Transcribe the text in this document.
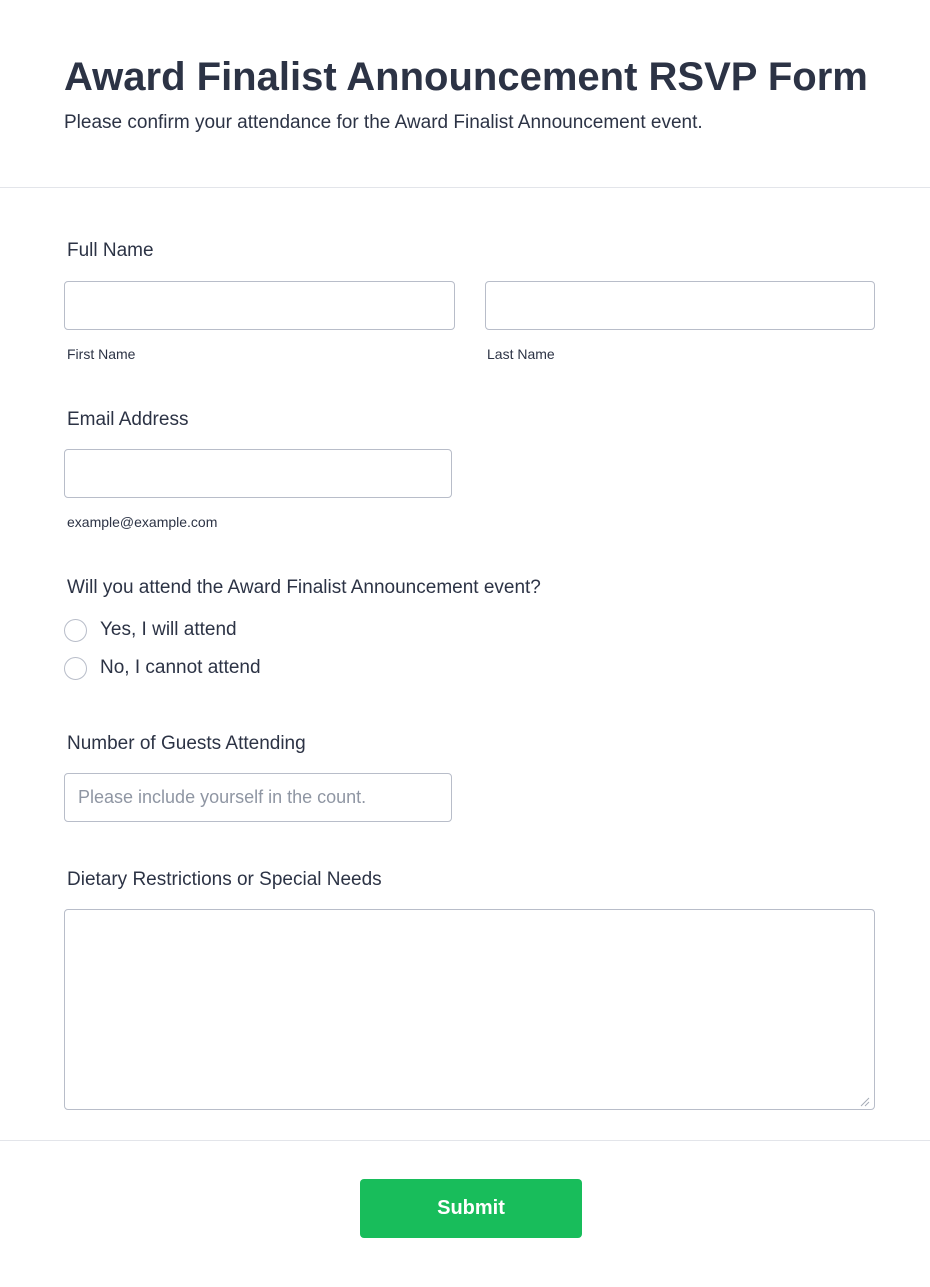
Award Finalist Announcement RSVP Form

Please confirm your attendance for the Award Finalist Announcement event.

Full Name
First Name	Last Name
Email Address
example@example.com
Will you attend the Award Finalist Announcement event?
Yes, I will attend
No, I cannot attend
Number of Guests Attending
Please include yourself in the count.
Dietary Restrictions or Special Needs
Submit
